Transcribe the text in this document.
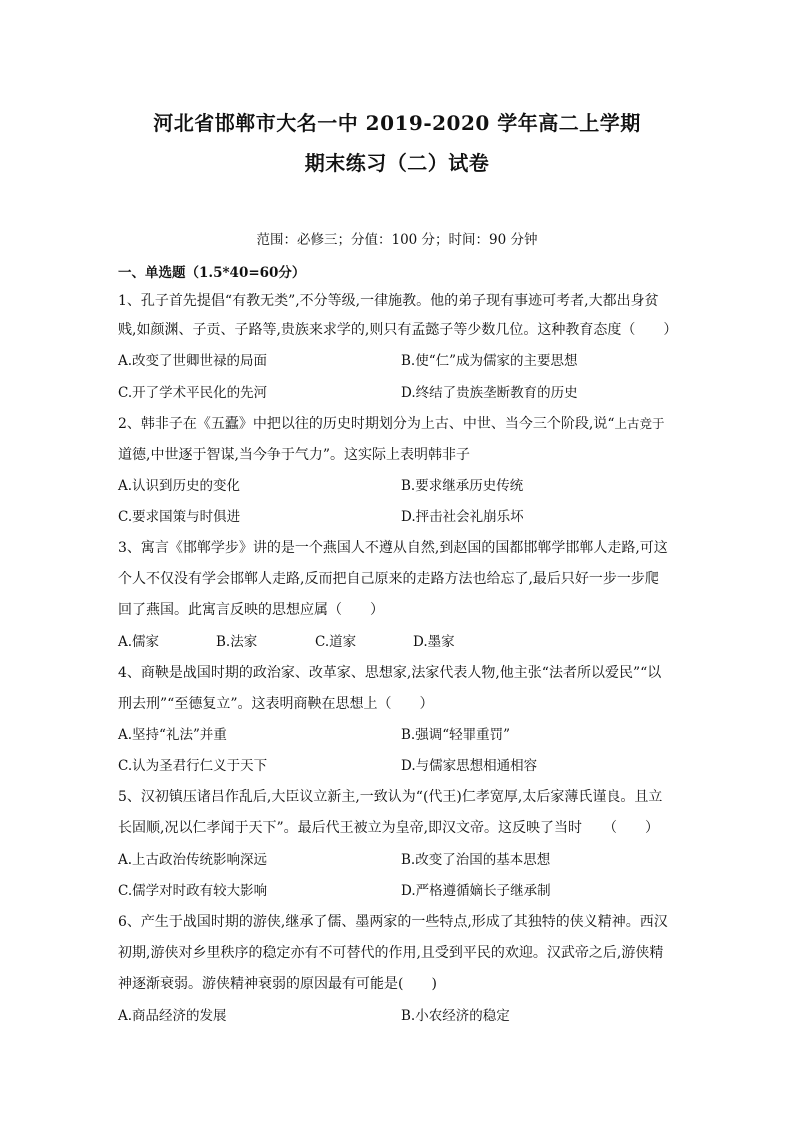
河北省邯郸市大名一中 2019-2020 学年高二上学期
期末练习（二）试卷
范围：必修三；分值：100 分；时间：90 分钟
一、单选题（1.5*40=60分）
1、孔子首先提倡“有教无类”,不分等级,一律施教。他的弟子现有事迹可考者,大都出身贫
贱,如颜渊、子贡、子路等,贵族来求学的,则只有孟懿子等少数几位。这种教育态度（　　）
A.改变了世卿世禄的局面	B.使“仁”成为儒家的主要思想
C.开了学术平民化的先河	D.终结了贵族垄断教育的历史
2、韩非子在《五蠹》中把以往的历史时期划分为上古、中世、当今三个阶段,说“上古竞于
道德,中世逐于智谋,当今争于气力”。这实际上表明韩非子
A.认识到历史的变化	B.要求继承历史传统
C.要求国策与时俱进	D.抨击社会礼崩乐坏
3、寓言《邯郸学步》讲的是一个燕国人不遵从自然,到赵国的国都邯郸学邯郸人走路,可这
个人不仅没有学会邯郸人走路,反而把自己原来的走路方法也给忘了,最后只好一步一步爬
回了燕国。此寓言反映的思想应属（　　）
A.儒家	B.法家	C.道家	D.墨家
4、商鞅是战国时期的政治家、改革家、思想家,法家代表人物,他主张“法者所以爱民”“以
刑去刑”“至德复立”。这表明商鞅在思想上（　　）
A.坚持“礼法”并重	B.强调“轻罪重罚”
C.认为圣君行仁义于天下	D.与儒家思想相通相容
5、汉初镇压诸吕作乱后,大臣议立新主,一致认为“(代王)仁孝宽厚,太后家薄氏谨良。且立
长固顺,况以仁孝闻于天下”。最后代王被立为皇帝,即汉文帝。这反映了当时　　（　　）
A.上古政治传统影响深远	B.改变了治国的基本思想
C.儒学对时政有较大影响	D.严格遵循嫡长子继承制
6、产生于战国时期的游侠,继承了儒、墨两家的一些特点,形成了其独特的侠义精神。西汉
初期,游侠对乡里秩序的稳定亦有不可替代的作用,且受到平民的欢迎。汉武帝之后,游侠精
神逐渐衰弱。游侠精神衰弱的原因最有可能是(　　)
A.商品经济的发展	B.小农经济的稳定
